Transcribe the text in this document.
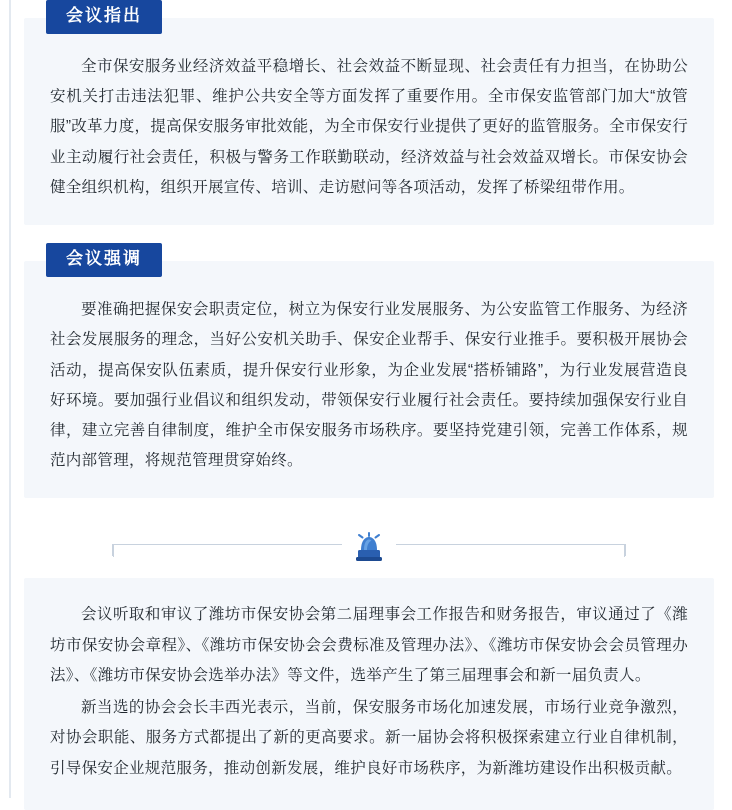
会议指出

全市保安服务业经济效益平稳增长、社会效益不断显现、社会责任有力担当，在协助公安机关打击违法犯罪、维护公共安全等方面发挥了重要作用。全市保安监管部门加大“放管服”改革力度，提高保安服务审批效能，为全市保安行业提供了更好的监管服务。全市保安行业主动履行社会责任，积极与警务工作联勤联动，经济效益与社会效益双增长。市保安协会健全组织机构，组织开展宣传、培训、走访慰问等各项活动，发挥了桥梁纽带作用。

会议强调

要准确把握保安会职责定位，树立为保安行业发展服务、为公安监管工作服务、为经济社会发展服务的理念，当好公安机关助手、保安企业帮手、保安行业推手。要积极开展协会活动，提高保安队伍素质，提升保安行业形象，为企业发展“搭桥铺路”，为行业发展营造良好环境。要加强行业倡议和组织发动，带领保安行业履行社会责任。要持续加强保安行业自律，建立完善自律制度，维护全市保安服务市场秩序。要坚持党建引领，完善工作体系，规范内部管理，将规范管理贯穿始终。

会议听取和审议了潍坊市保安协会第二届理事会工作报告和财务报告，审议通过了《潍坊市保安协会章程》、《潍坊市保安协会会费标准及管理办法》、《潍坊市保安协会会员管理办法》、《潍坊市保安协会选举办法》等文件，选举产生了第三届理事会和新一届负责人。

新当选的协会会长丰西光表示，当前，保安服务市场化加速发展，市场行业竞争激烈，对协会职能、服务方式都提出了新的更高要求。新一届协会将积极探索建立行业自律机制，引导保安企业规范服务，推动创新发展，维护良好市场秩序，为新潍坊建设作出积极贡献。
